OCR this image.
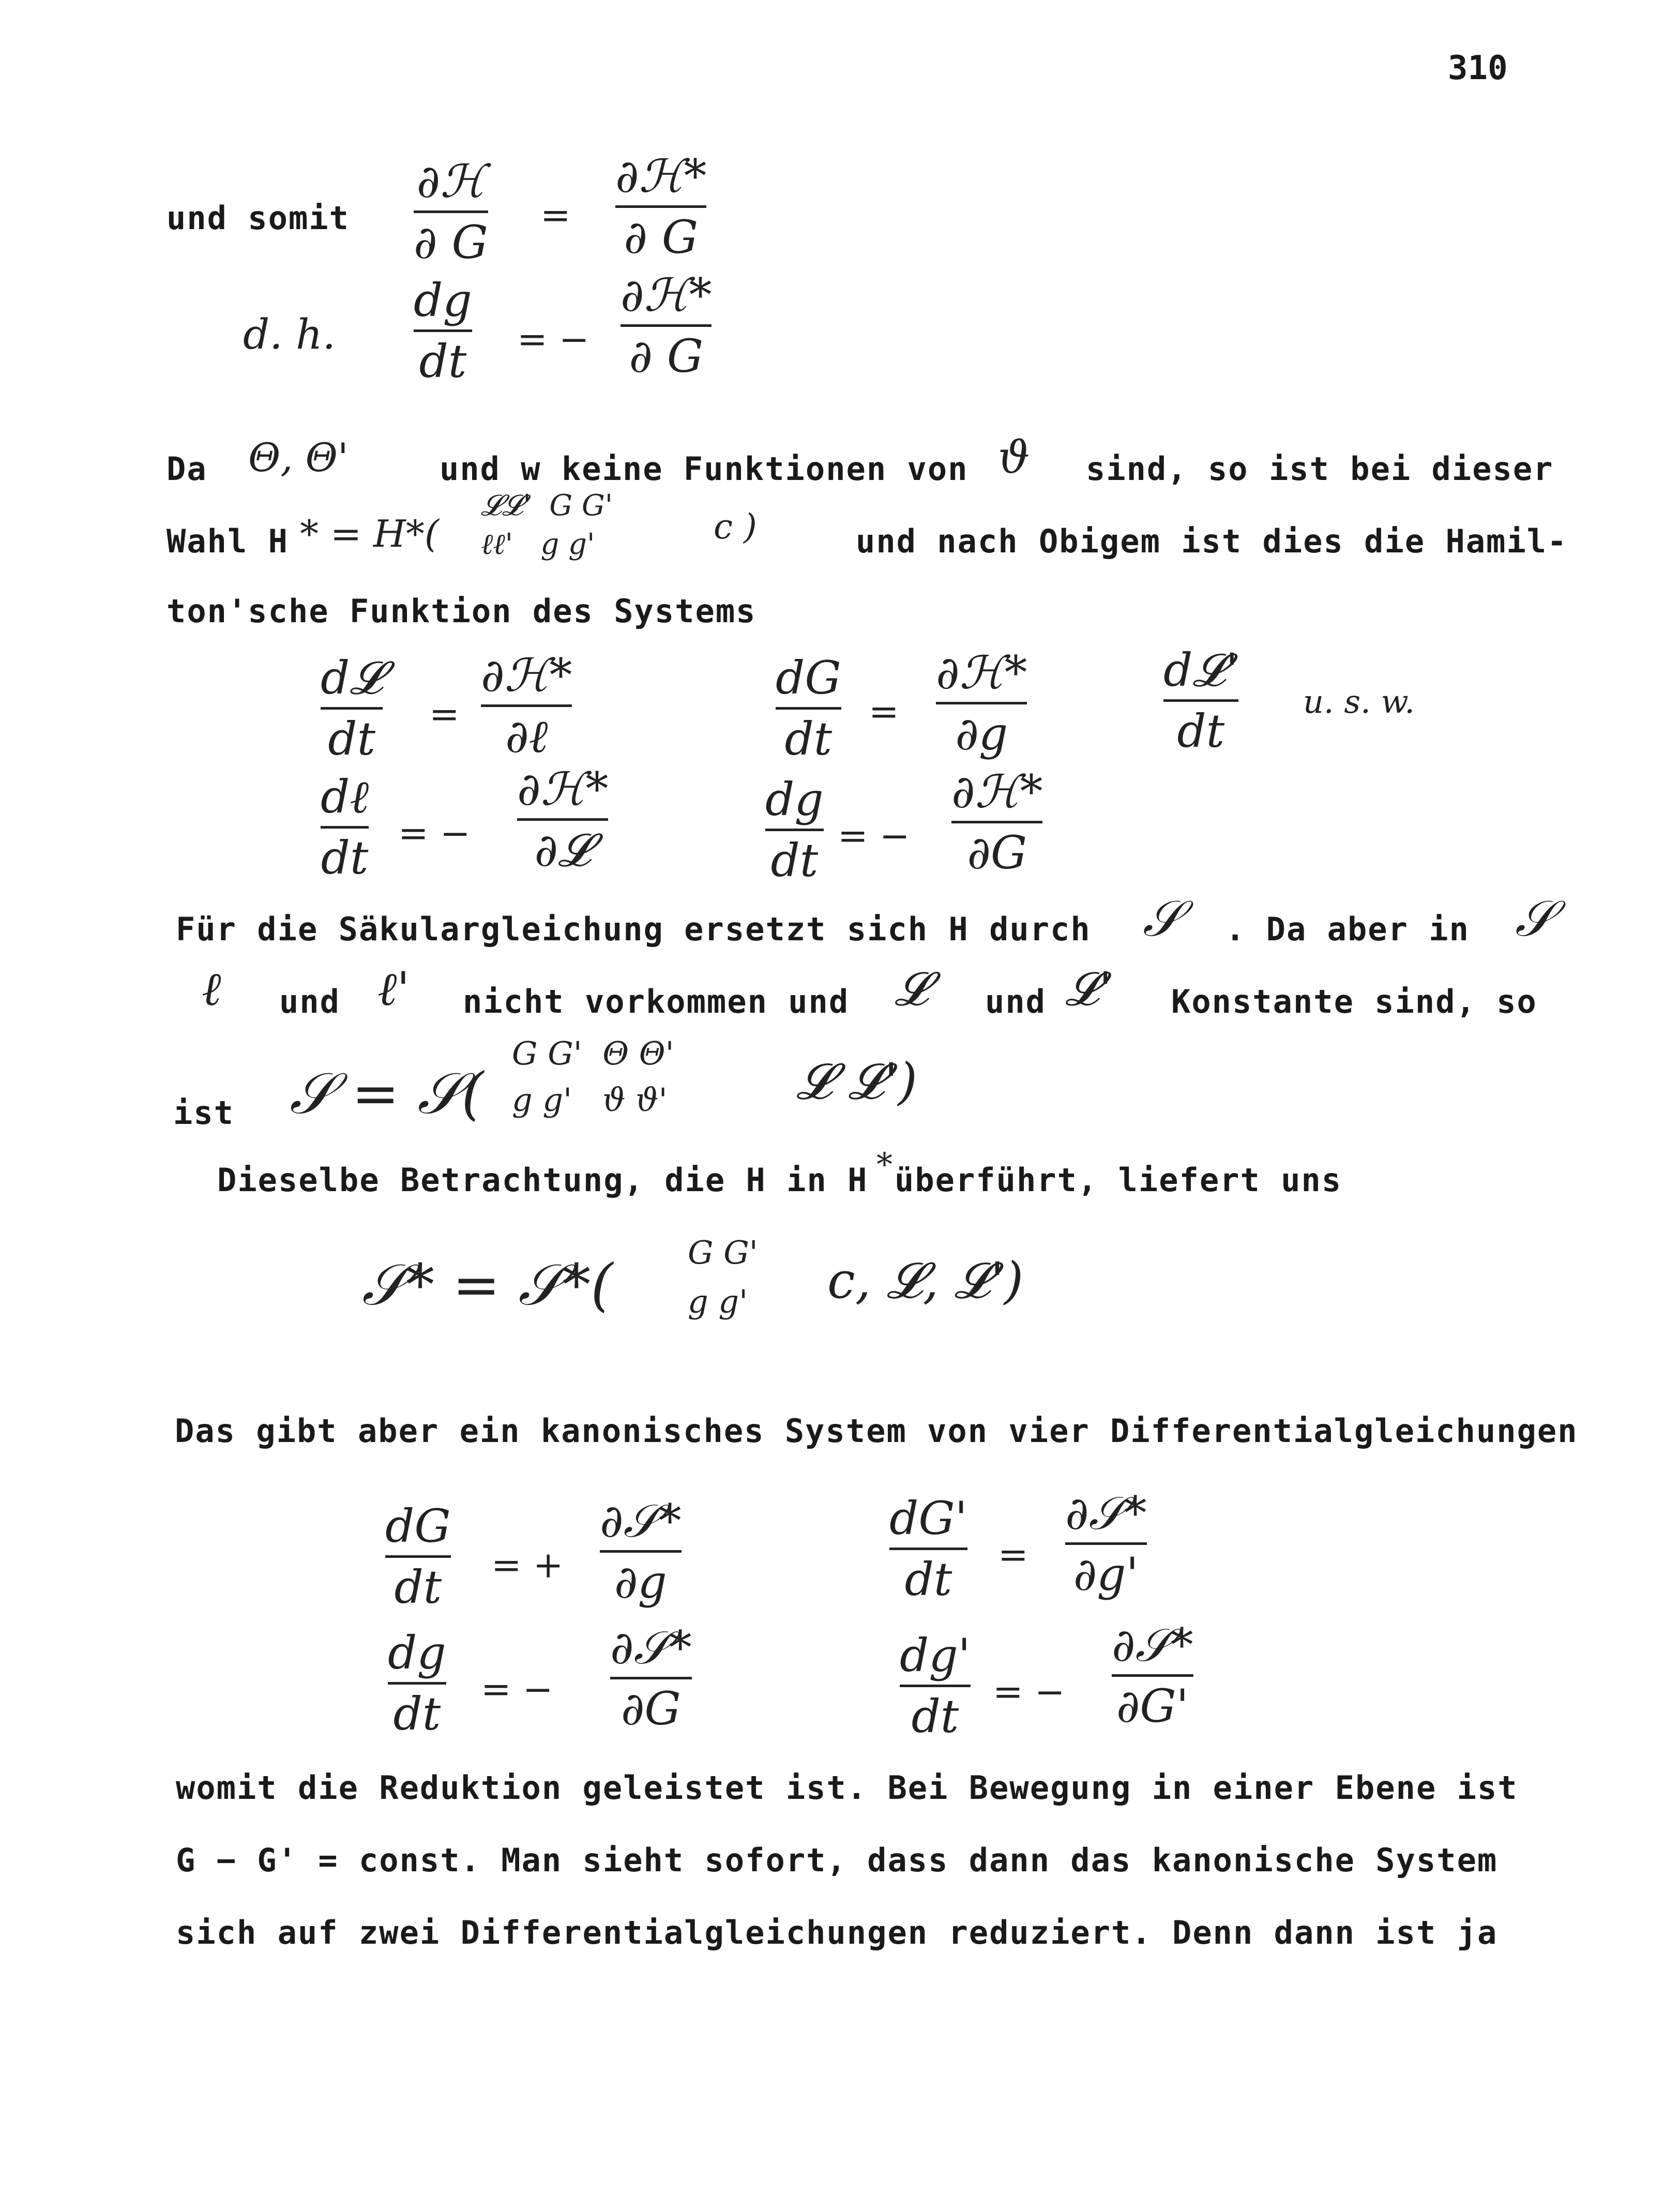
310
und somit
∂ℋ
∂ G
=
∂ℋ*
∂ G
d. h.
dg
dt = −
∂ℋ*
∂ G
Da Θ, Θ'	und w keine Funktionen von ϑ sind, so ist bei dieser
Wahl H * = H*(
𝓛𝓛'  G G'
ℓℓ'   g g'	c )	und nach Obigem ist dies die Hamil-
ton'sche Funktion des Systems
d𝓛
dt =
∂ℋ*
∂ℓ
dG
dt
=
∂ℋ*
∂g
d𝓛'
dt
u. s. w.
dℓ
dt = −
∂ℋ*
∂𝓛
dg
dt = −
∂ℋ*
∂G
Für die Säkulargleichung ersetzt sich H durch 𝒮 . Da aber in 𝒮
ℓ und ℓ' nicht vorkommen und 𝓛 und 𝓛' Konstante sind, so
ist 𝒮 = 𝒮(
G G'  Θ Θ'
g g'   ϑ ϑ'	𝓛 𝓛')
Dieselbe Betrachtung, die H in H * überführt, liefert uns
𝒮* = 𝒮*( G G'
g g' c, 𝓛, 𝓛')
Das gibt aber ein kanonisches System von vier Differentialgleichungen
dG
dt = +
∂𝒮*
∂g
dG'
dt =
∂𝒮*
∂g'
dg
dt = −
∂𝒮*
∂G
dg'
dt = −
∂𝒮*
∂G'
womit die Reduktion geleistet ist. Bei Bewegung in einer Ebene ist
G − G' = const. Man sieht sofort, dass dann das kanonische System
sich auf zwei Differentialgleichungen reduziert. Denn dann ist ja
